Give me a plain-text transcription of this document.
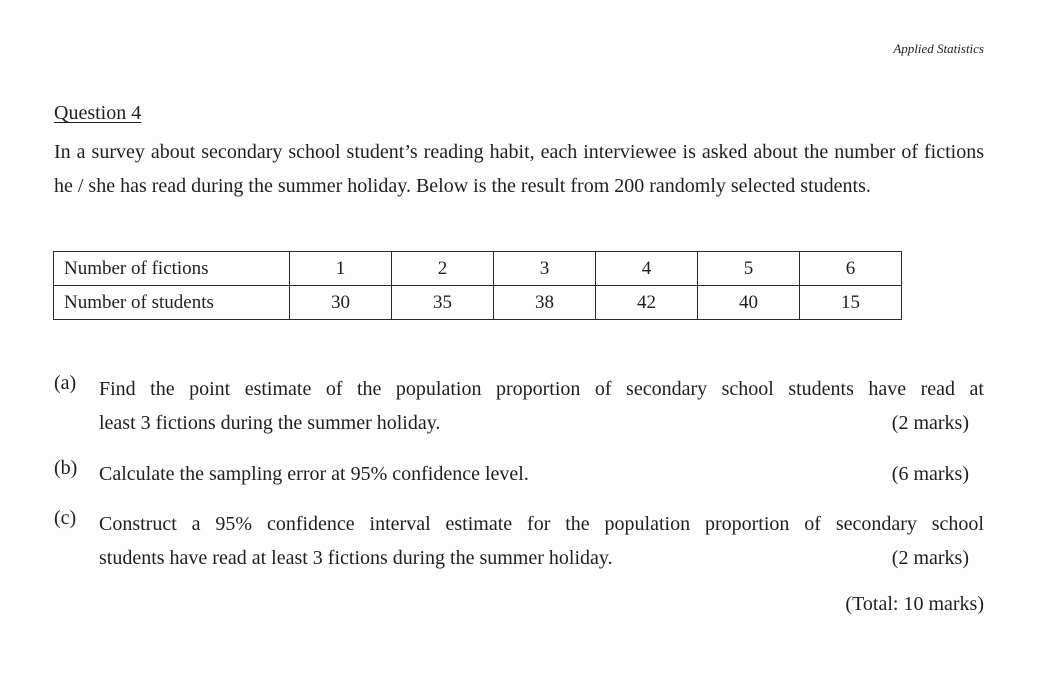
Applied Statistics
Question 4

In a survey about secondary school student’s reading habit, each interviewee is asked about the number of fictions he / she has read during the summer holiday. Below is the result from 200 randomly selected students.

Number of fictions	1	2	3	4	5	6
Number of students	30	35	38	42	40	15
(a) Find the point estimate of the population proportion of secondary school students have read at
least 3 fictions during the summer holiday.	(2 marks)
(b) Calculate the sampling error at 95% confidence level.	(6 marks)
(c) Construct a 95% confidence interval estimate for the population proportion of secondary school
students have read at least 3 fictions during the summer holiday.	(2 marks)
(Total: 10 marks)
